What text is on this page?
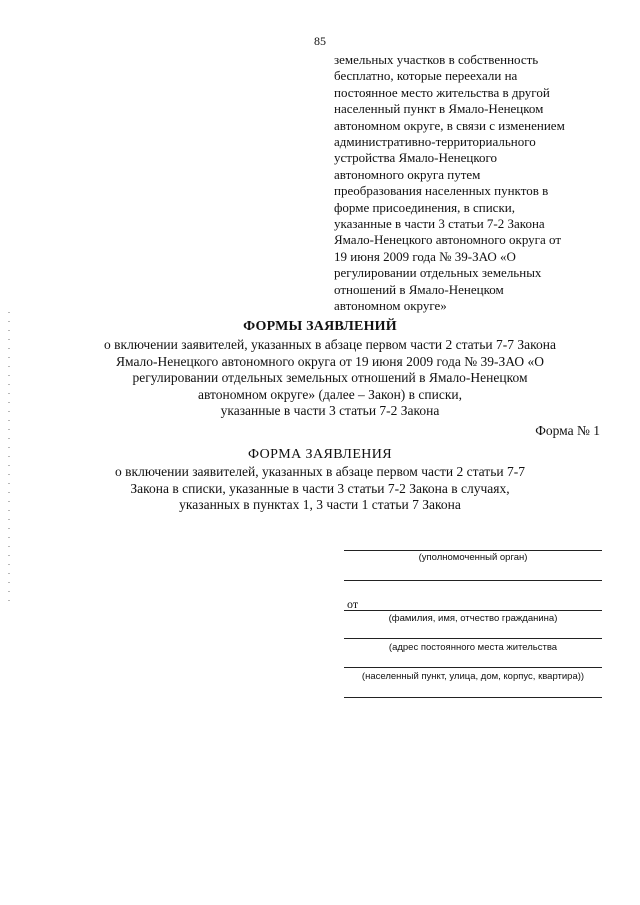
85
земельных участков в собственность
бесплатно, которые переехали на
постоянное место жительства в другой
населенный пункт в Ямало-Ненецком
автономном округе, в связи с изменением
административно-территориального
устройства Ямало-Ненецкого
автономного округа путем
преобразования населенных пунктов в
форме присоединения, в списки,
указанные в части 3 статьи 7-2 Закона
Ямало-Ненецкого автономного округа от
19 июня 2009 года № 39-ЗАО «О
регулировании отдельных земельных
отношений в Ямало-Ненецком
автономном округе»
ФОРМЫ ЗАЯВЛЕНИЙ
о включении заявителей, указанных в абзаце первом части 2 статьи 7-7 Закона
Ямало-Ненецкого автономного округа от 19 июня 2009 года № 39-ЗАО «О
регулировании отдельных земельных отношений в Ямало-Ненецком
автономном округе» (далее – Закон) в списки,
указанные в части 3 статьи 7-2 Закона
Форма № 1
ФОРМА ЗАЯВЛЕНИЯ
о включении заявителей, указанных в абзаце первом части 2 статьи 7-7
Закона в списки, указанные в части 3 статьи 7-2 Закона в случаях,
указанных в пунктах 1, 3 части 1 статьи 7 Закона
(уполномоченный орган)
от
(фамилия, имя, отчество гражданина)
(адрес постоянного места жительства
(населенный пункт, улица, дом, корпус, квартира))
